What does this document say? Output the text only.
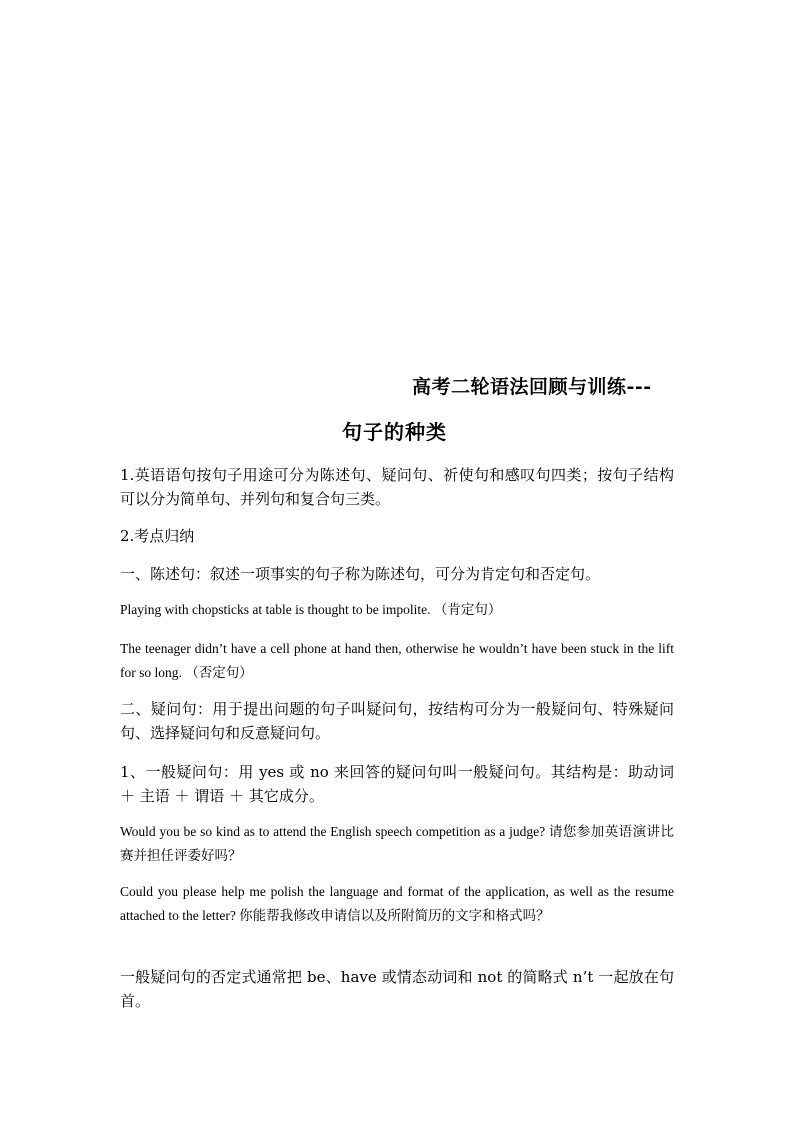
高考二轮语法回顾与训练---
句子的种类

1.英语语句按句子用途可分为陈述句、疑问句、祈使句和感叹句四类；按句子结构可以分为简单句、并列句和复合句三类。

2.考点归纳

一、陈述句：叙述一项事实的句子称为陈述句，可分为肯定句和否定句。

Playing with chopsticks at table is thought to be impolite. （肯定句）

The teenager didn’t have a cell phone at hand then, otherwise he wouldn’t have been stuck in the lift for so long. （否定句）

二、疑问句：用于提出问题的句子叫疑问句，按结构可分为一般疑问句、特殊疑问句、选择疑问句和反意疑问句。

1、一般疑问句：用 yes 或 no 来回答的疑问句叫一般疑问句。其结构是：助动词 ＋ 主语 ＋ 谓语 ＋ 其它成分。

Would you be so kind as to attend the English speech competition as a judge? 请您参加英语演讲比赛并担任评委好吗？

Could you please help me polish the language and format of the application, as well as the resume attached to the letter? 你能帮我修改申请信以及所附简历的文字和格式吗？

一般疑问句的否定式通常把 be、have 或情态动词和 not 的简略式 n’t 一起放在句首。
